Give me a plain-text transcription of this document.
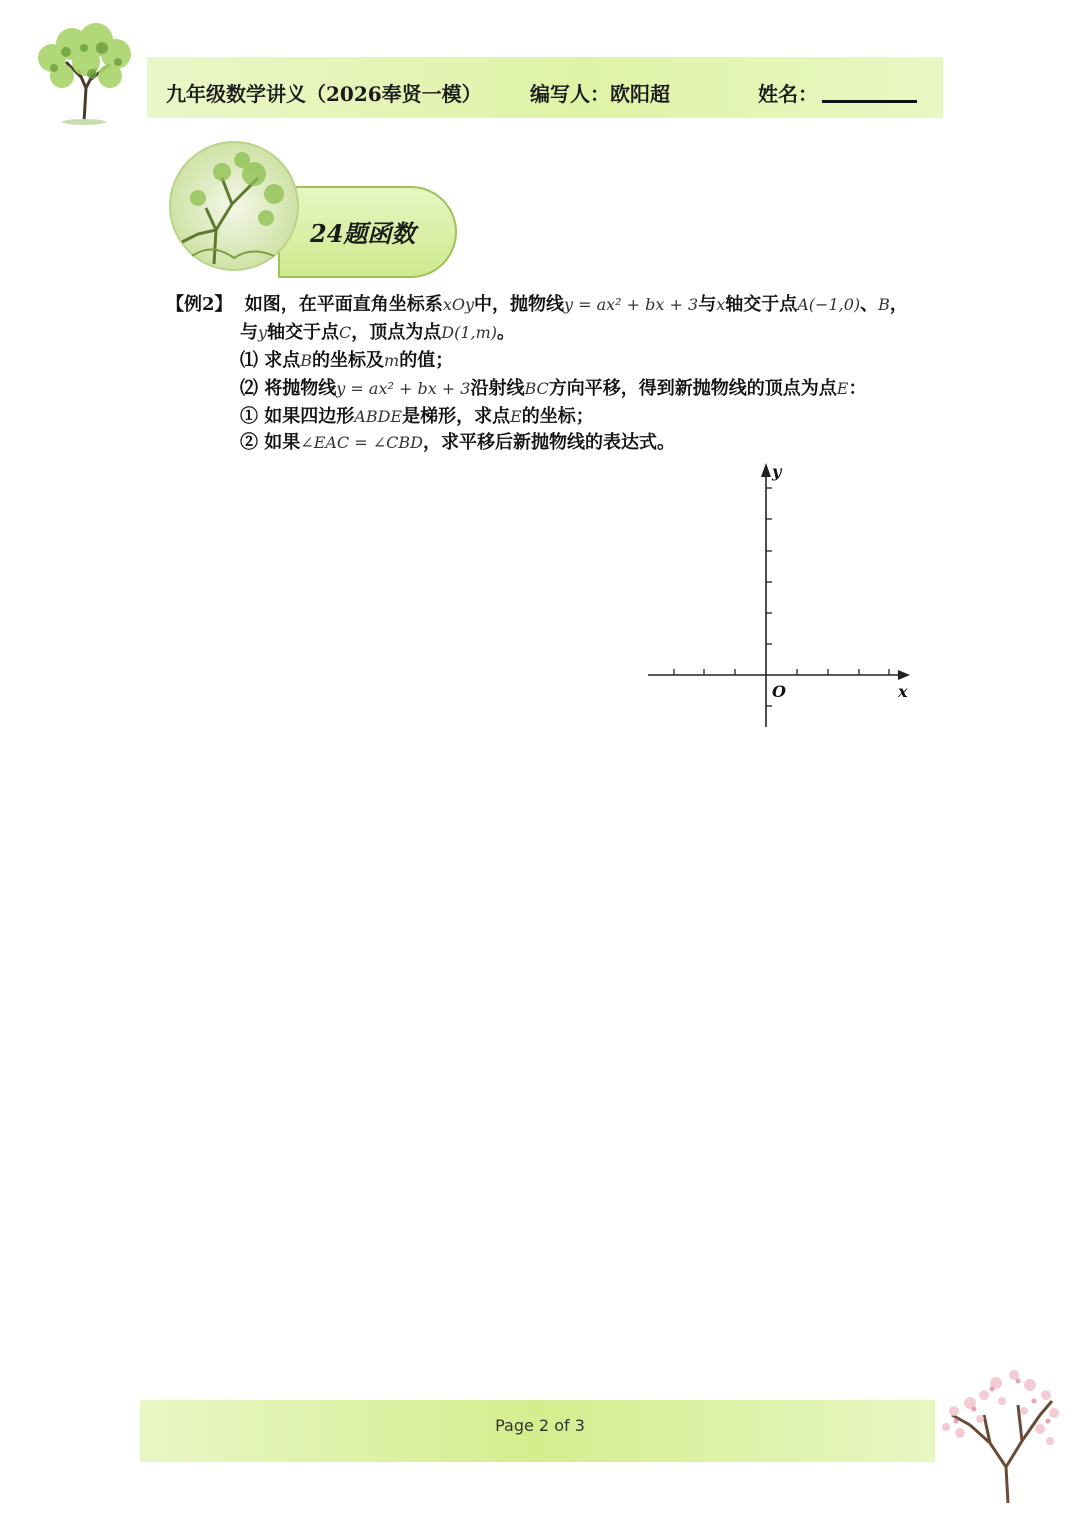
九年级数学讲义（2026奉贤一模） 编写人：欧阳超	姓名：
24题函数
【例2】 如图，在平面直角坐标系xOy中，抛物线y = ax² + bx + 3与x轴交于点A(−1,0)、B，
与y轴交于点C，顶点为点D(1,m)。
⑴ 求点B的坐标及m的值；
⑵ 将抛物线y = ax² + bx + 3沿射线BC方向平移，得到新抛物线的顶点为点E：
① 如果四边形ABDE是梯形，求点E的坐标；
② 如果∠EAC = ∠CBD，求平移后新抛物线的表达式。
y
x
O
Page 2 of 3
